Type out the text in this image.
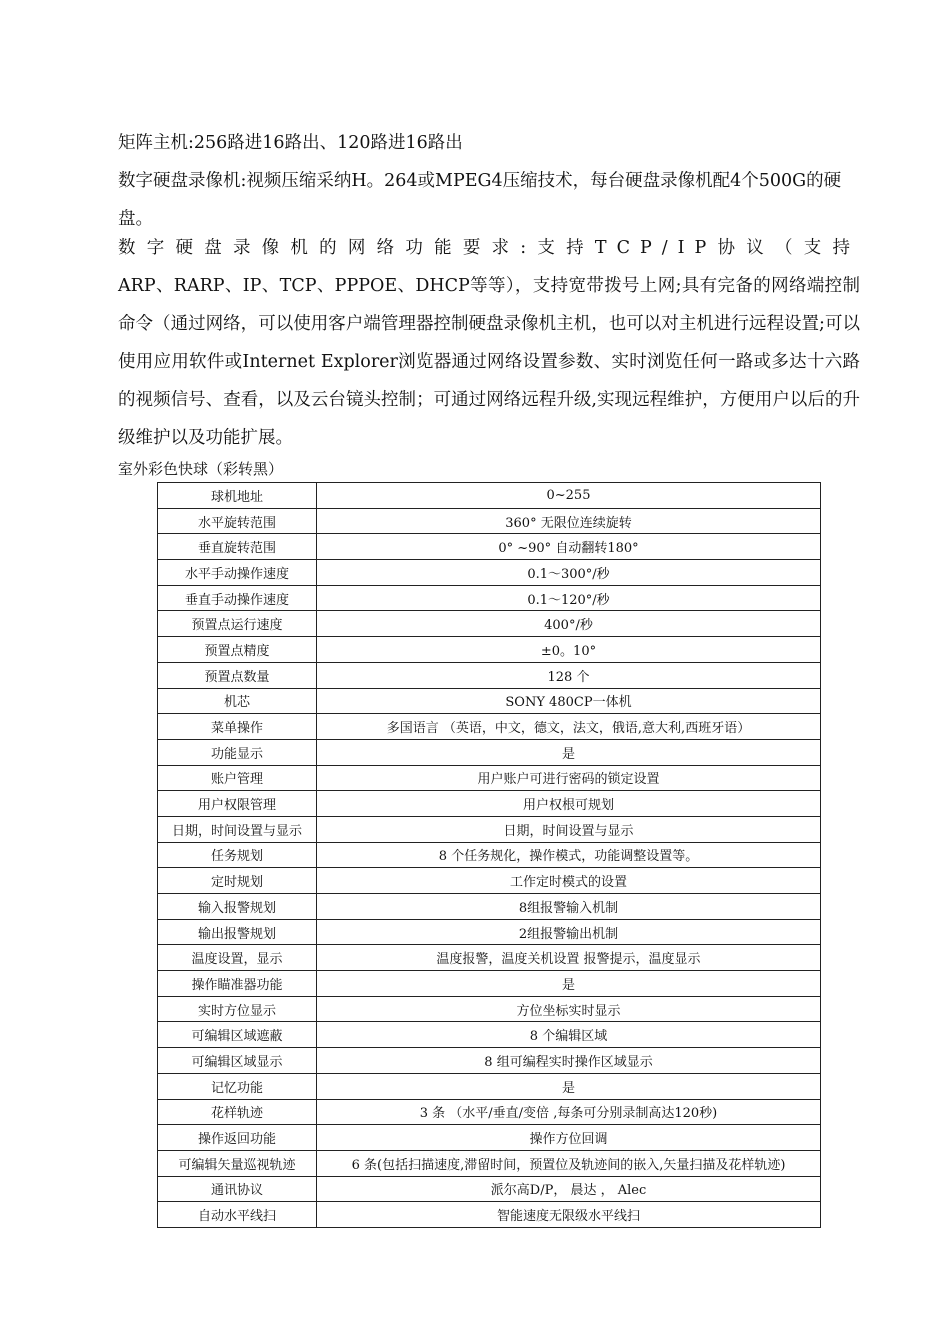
矩阵主机:256路进16路出、120路进16路出
数字硬盘录像机:视频压缩采纳H。264或MPEG4压缩技术，每台硬盘录像机配4个500G的硬盘。
数字硬盘录像机的网络功能要求:支持TCP/IP协议（支持ARP、RARP、IP、TCP、PPPOE、DHCP等等），支持宽带拨号上网;具有完备的网络端控制命令（通过网络，可以使用客户端管理器控制硬盘录像机主机，也可以对主机进行远程设置;可以使用应用软件或Internet Explorer浏览器通过网络设置参数、实时浏览任何一路或多达十六路的视频信号、查看，以及云台镜头控制；可通过网络远程升级,实现远程维护，方便用户以后的升级维护以及功能扩展。
室外彩色快球（彩转黑）
球机地址	0~255
水平旋转范围	360° 无限位连续旋转
垂直旋转范围	0° ~90° 自动翻转180°
水平手动操作速度	0.1～300°/秒
垂直手动操作速度	0.1～120°/秒
预置点运行速度	400°/秒
预置点精度	±0。10°
预置点数量	128 个
机芯	SONY 480CP一体机
菜单操作	多国语言 （英语，中文，德文，法文，俄语,意大利,西班牙语）
功能显示	是
账户管理	用户账户可进行密码的锁定设置
用户权限管理	用户权根可规划
日期，时间设置与显示	日期，时间设置与显示
任务规划	8 个任务规化，操作模式，功能调整设置等。
定时规划	工作定时模式的设置
输入报警规划	8组报警输入机制
输出报警规划	2组报警输出机制
温度设置，显示	温度报警，温度关机设置 报警提示，温度显示
操作瞄准器功能	是
实时方位显示	方位坐标实时显示
可编辑区域遮蔽	8 个编辑区域
可编辑区域显示	8 组可编程实时操作区域显示
记忆功能	是
花样轨迹	3 条 （水平/垂直/变倍 ,每条可分别录制高达120秒)
操作返回功能	操作方位回调
可编辑矢量巡视轨迹	6 条(包括扫描速度,滞留时间，预置位及轨迹间的嵌入,矢量扫描及花样轨迹)
通讯协议	派尔高D/P， 晨达 ， Alec
自动水平线扫	智能速度无限级水平线扫
